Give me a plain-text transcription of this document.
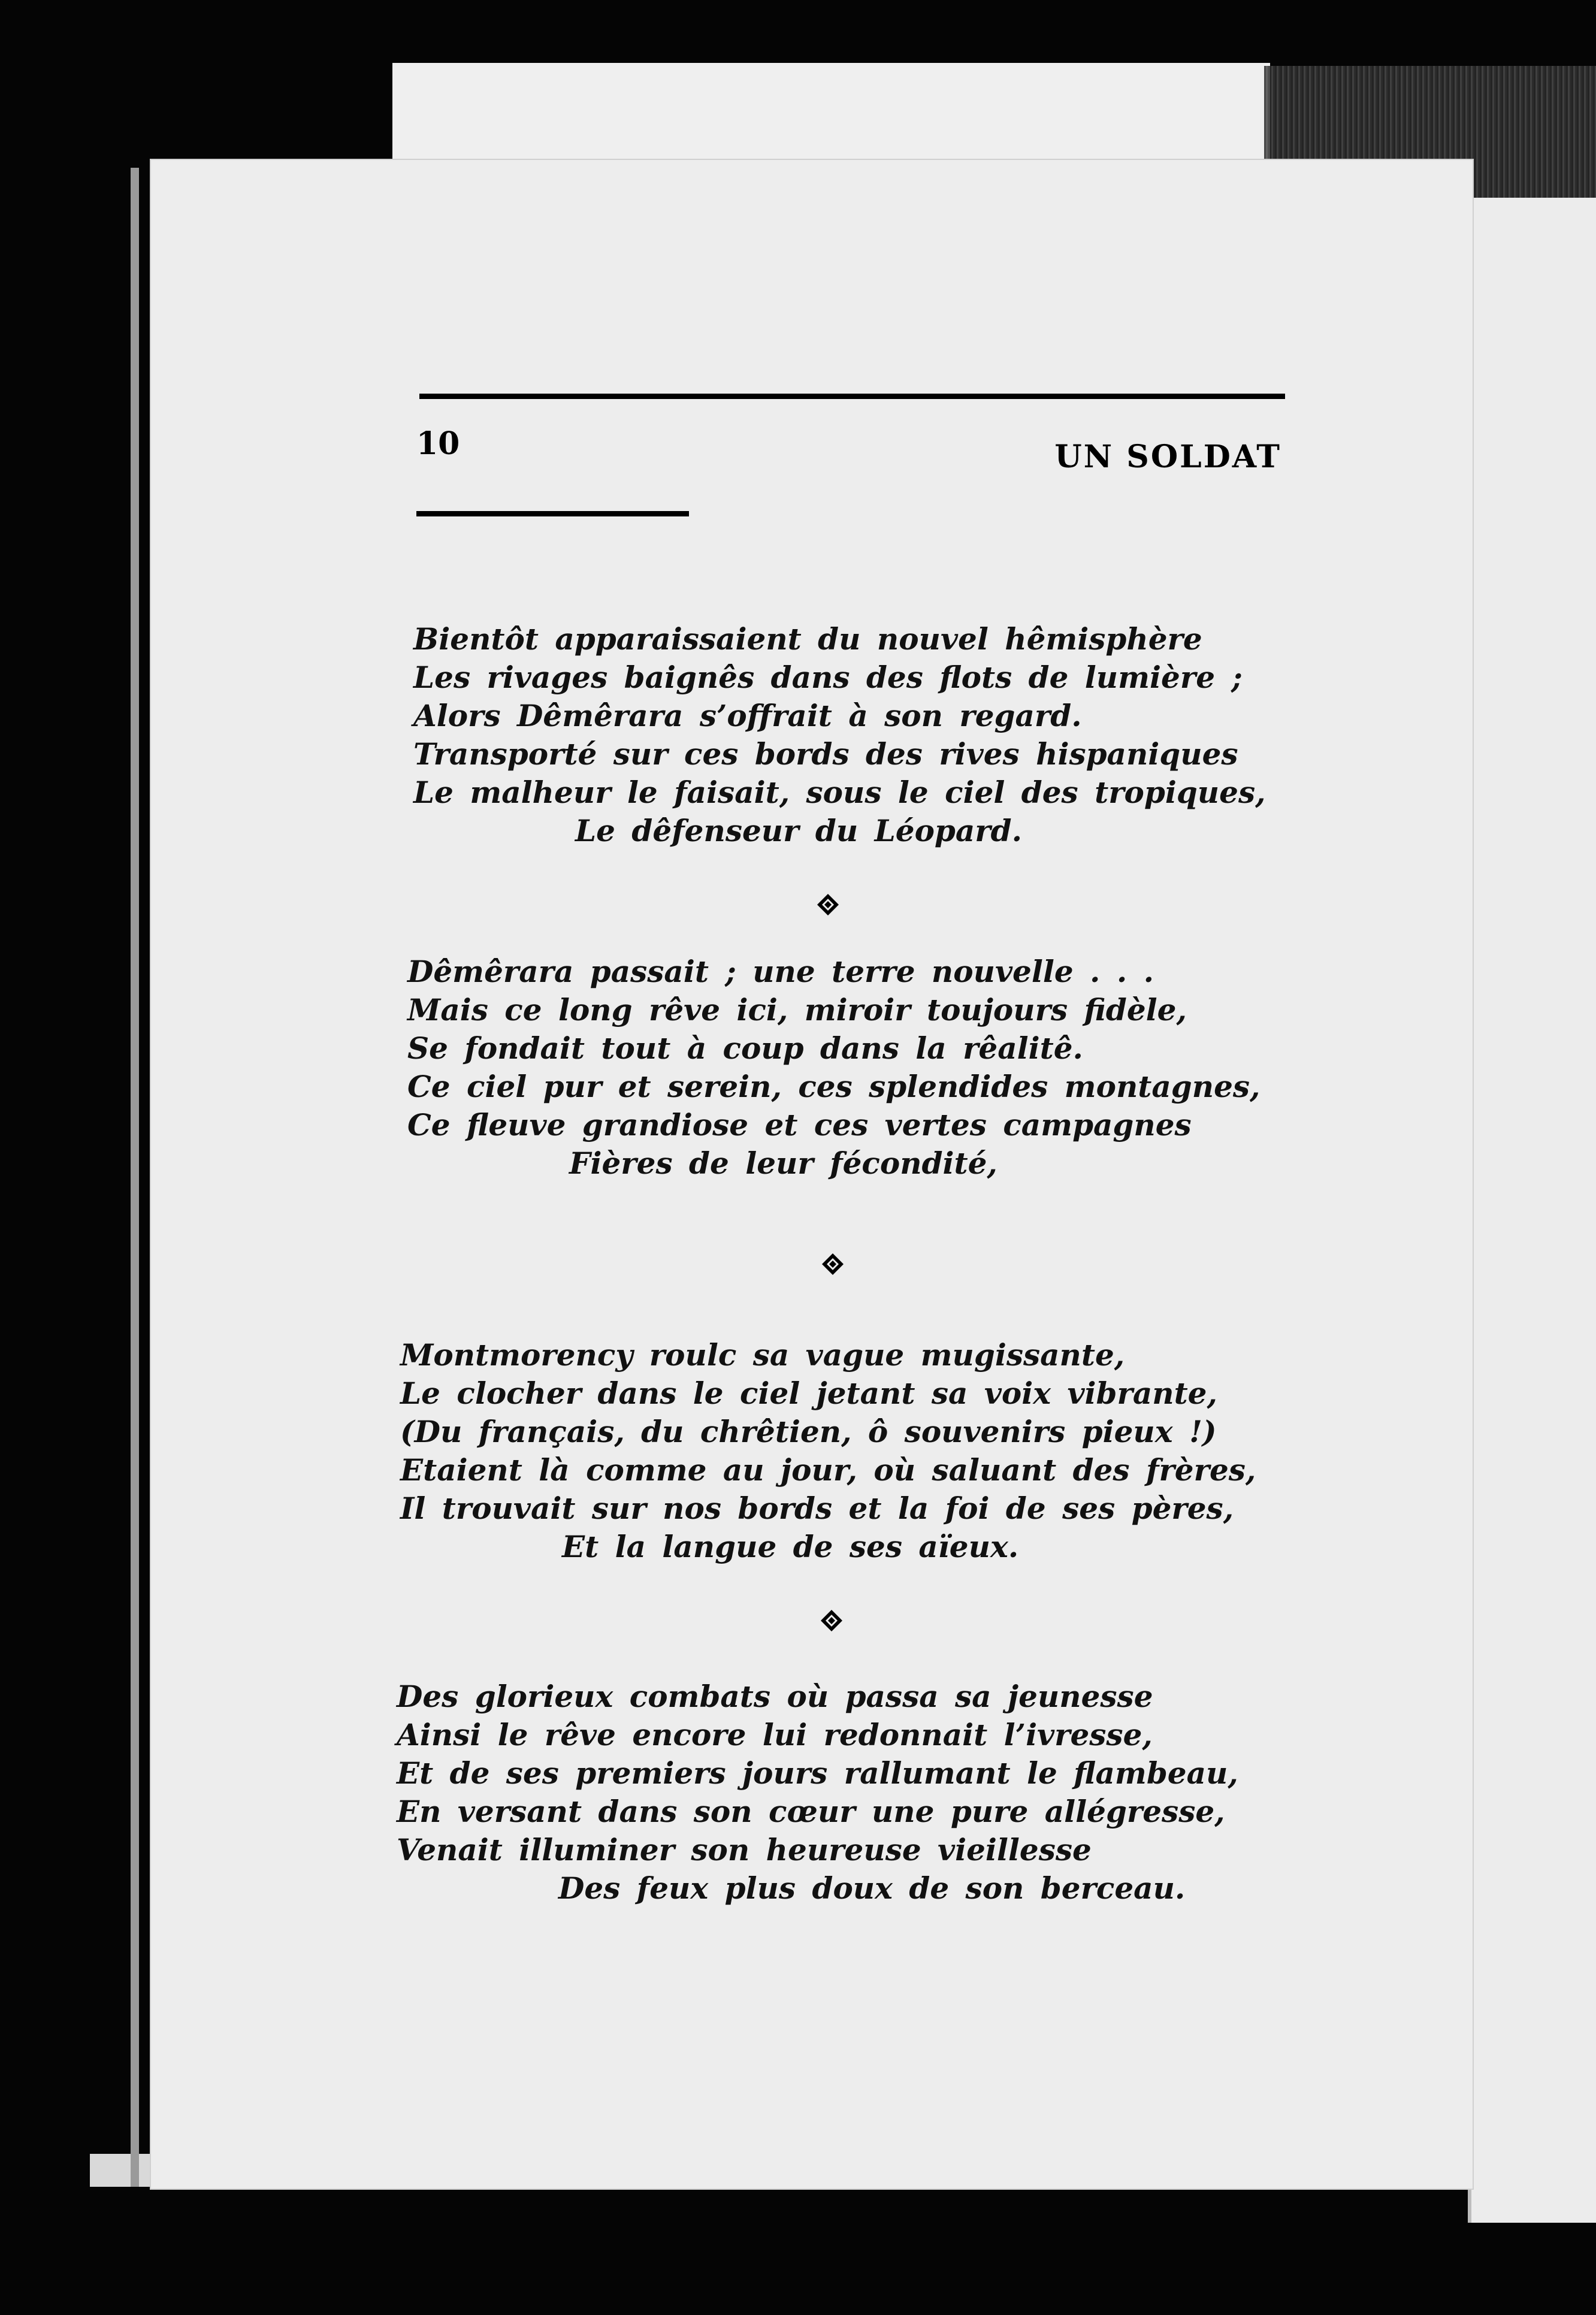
10	UN SOLDAT
Bientôt apparaissaient du nouvel hêmisphère
Les rivages baignês dans des flots de lumière ;
Alors Dêmêrara s’offrait à son regard.
Transporté sur ces bords des rives hispaniques
Le malheur le faisait, sous le ciel des tropiques,
Le dêfenseur du Léopard.
Dêmêrara passait ; une terre nouvelle . . .
Mais ce long rêve ici, miroir toujours fidèle,
Se fondait tout à coup dans la rêalitê.
Ce ciel pur et serein, ces splendides montagnes,
Ce fleuve grandiose et ces vertes campagnes
Fières de leur fécondité,
Montmorency roulc sa vague mugissante,
Le clocher dans le ciel jetant sa voix vibrante,
(Du français, du chrêtien, ô souvenirs pieux !)
Etaient là comme au jour, où saluant des frères,
Il trouvait sur nos bords et la foi de ses pères,
Et la langue de ses aïeux.
Des glorieux combats où passa sa jeunesse
Ainsi le rêve encore lui redonnait l’ivresse,
Et de ses premiers jours rallumant le flambeau,
En versant dans son cœur une pure allégresse,
Venait illuminer son heureuse vieillesse
Des feux plus doux de son berceau.
